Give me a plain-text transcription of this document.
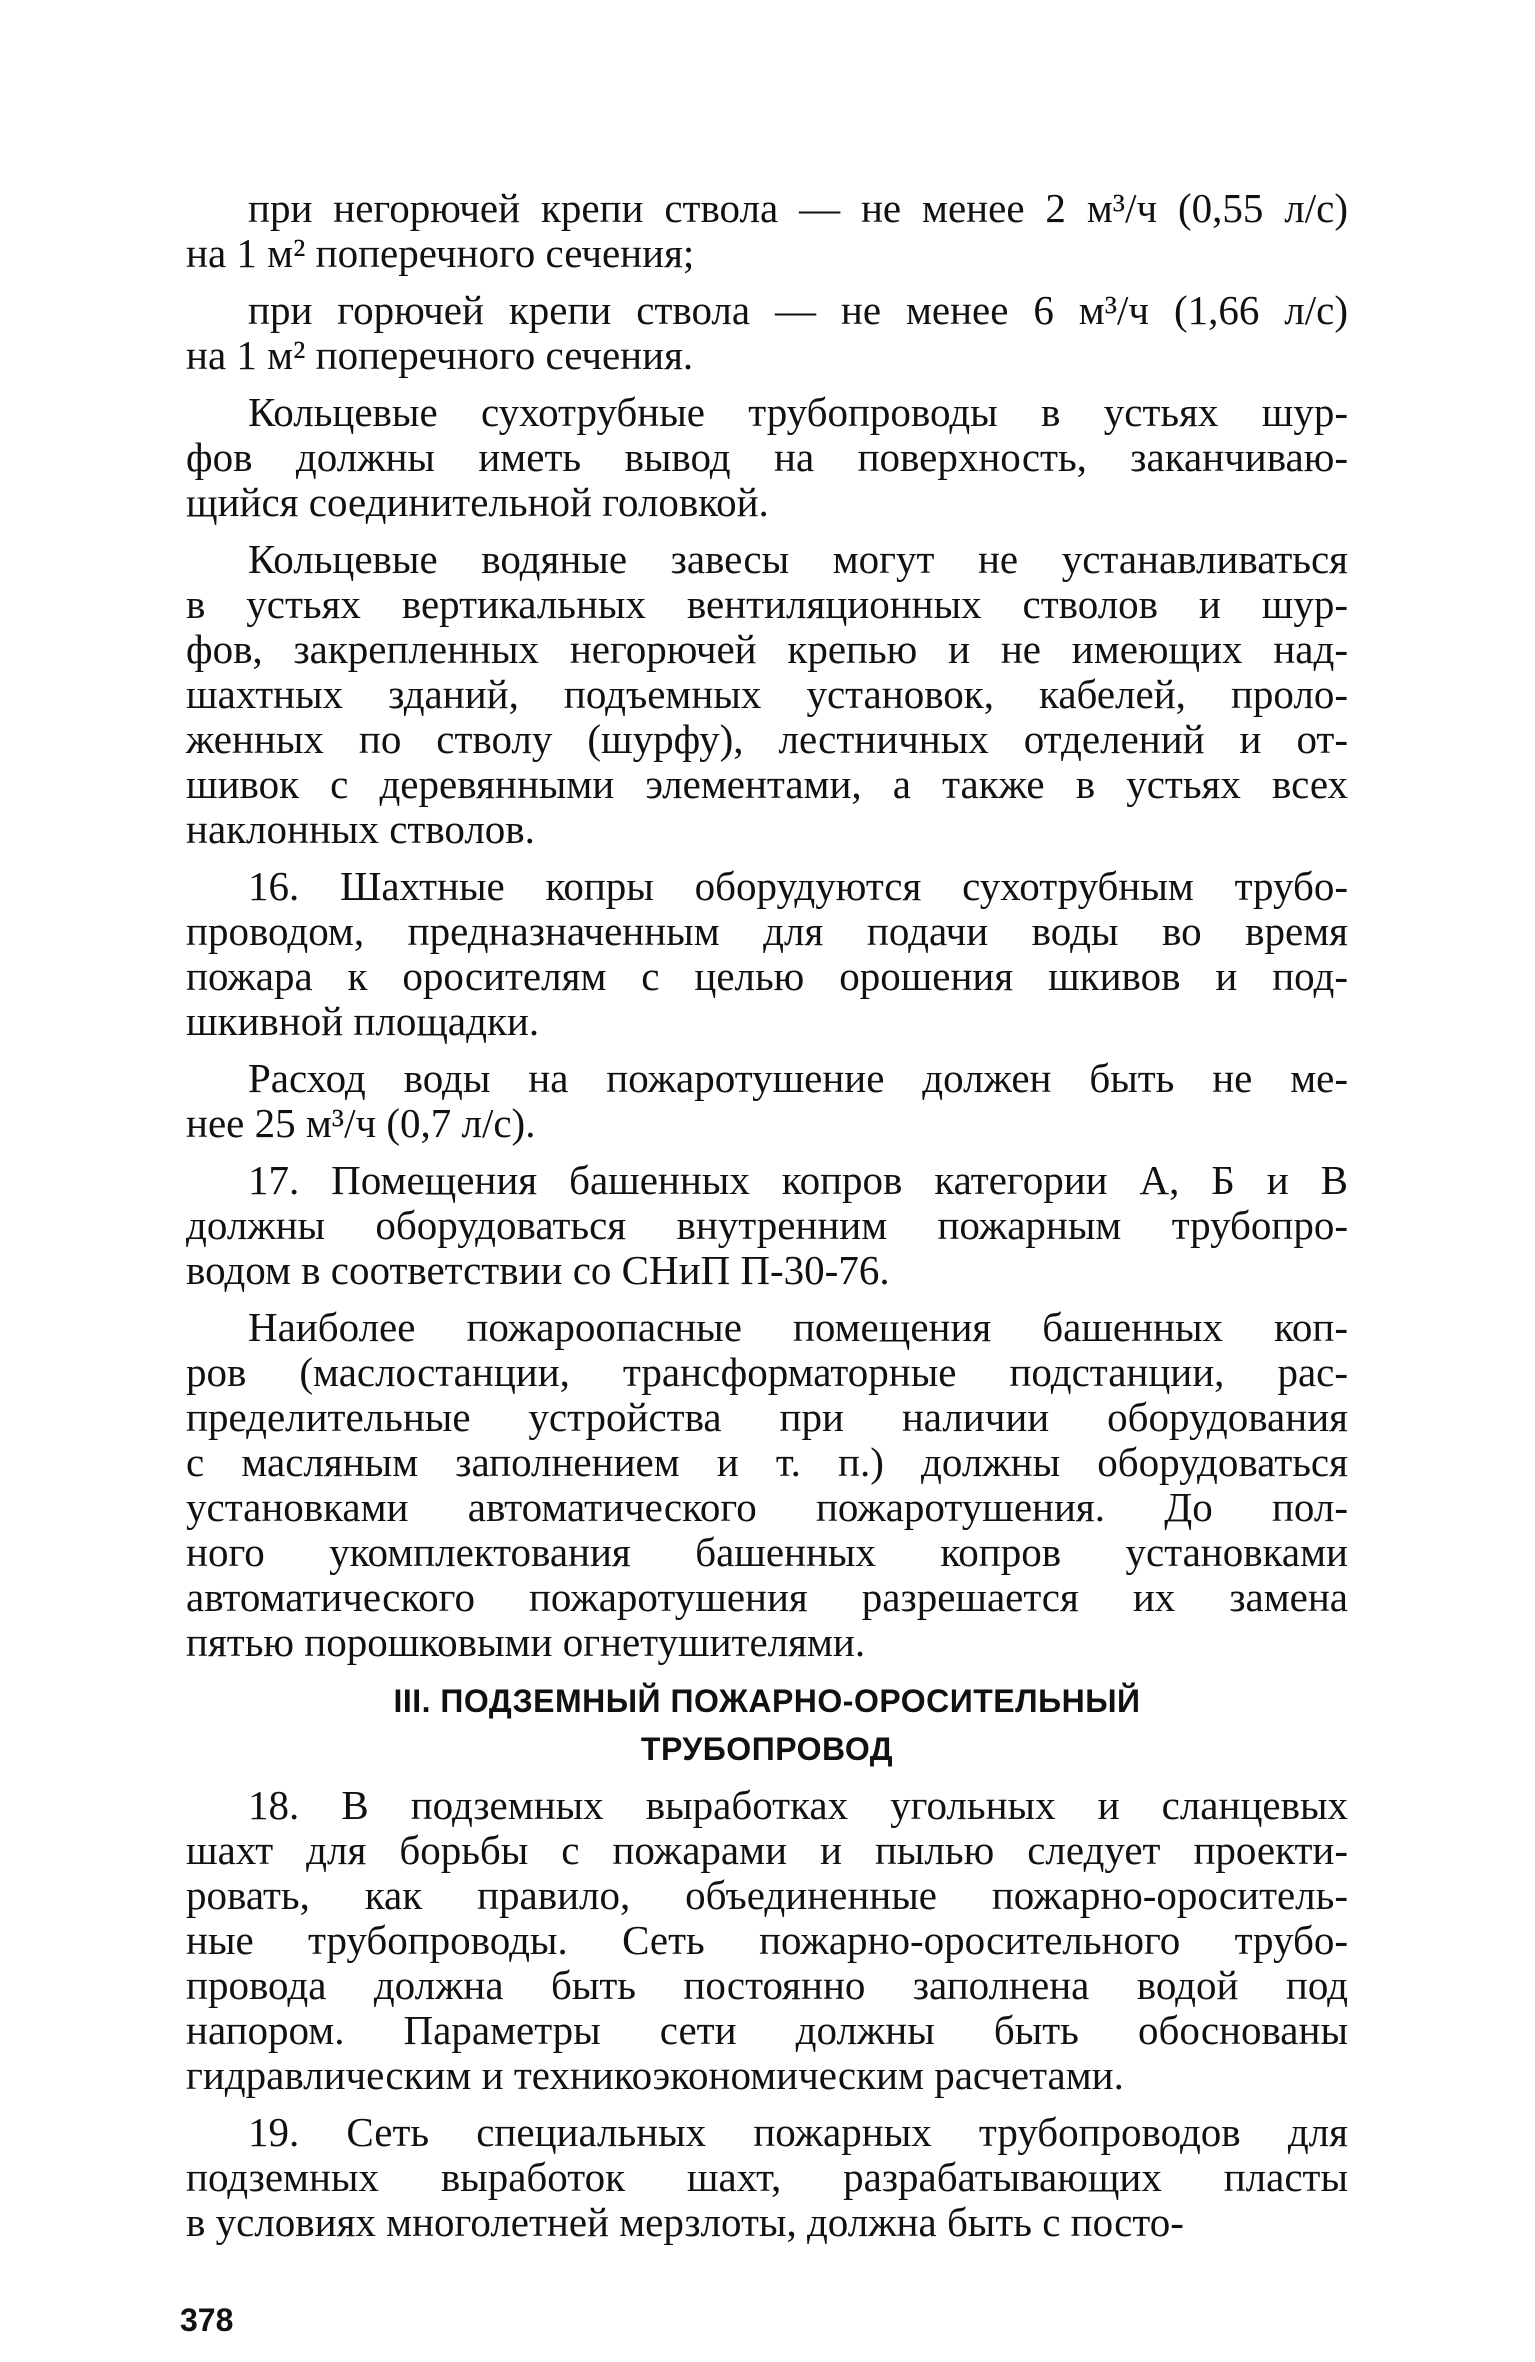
при негорючей крепи ствола — не менее 2 м³/ч (0,55 л/с)
на 1 м² поперечного сечения;
при горючей крепи ствола — не менее 6 м³/ч (1,66 л/с)
на 1 м² поперечного сечения.
Кольцевые сухотрубные трубопроводы в устьях шур-
фов должны иметь вывод на поверхность, заканчиваю-
щийся соединительной головкой.
Кольцевые водяные завесы могут не устанавливаться
в устьях вертикальных вентиляционных стволов и шур-
фов, закрепленных негорючей крепью и не имеющих над-
шахтных зданий, подъемных установок, кабелей, проло-
женных по стволу (шурфу), лестничных отделений и от-
шивок с деревянными элементами, а также в устьях всех
наклонных стволов.
16. Шахтные копры оборудуются сухотрубным трубо-
проводом, предназначенным для подачи воды во время
пожара к оросителям с целью орошения шкивов и под-
шкивной площадки.
Расход воды на пожаротушение должен быть не ме-
нее 25 м³/ч (0,7 л/с).
17. Помещения башенных копров категории А, Б и В
должны оборудоваться внутренним пожарным трубопро-
водом в соответствии со СНиП П-30-76.
Наиболее пожароопасные помещения башенных коп-
ров (маслостанции, трансформаторные подстанции, рас-
пределительные устройства при наличии оборудования
с масляным заполнением и т. п.) должны оборудоваться
установками автоматического пожаротушения. До пол-
ного укомплектования башенных копров установками
автоматического пожаротушения разрешается их замена
пятью порошковыми огнетушителями.
III. ПОДЗЕМНЫЙ ПОЖАРНО-ОРОСИТЕЛЬНЫЙ
ТРУБОПРОВОД
18. В подземных выработках угольных и сланцевых
шахт для борьбы с пожарами и пылью следует проекти-
ровать, как правило, объединенные пожарно-ороситель-
ные трубопроводы. Сеть пожарно-оросительного трубо-
провода должна быть постоянно заполнена водой под
напором. Параметры сети должны быть обоснованы
гидравлическим и техникоэкономическим расчетами.
19. Сеть специальных пожарных трубопроводов для
подземных выработок шахт, разрабатывающих пласты
в условиях многолетней мерзлоты, должна быть с посто-
378
